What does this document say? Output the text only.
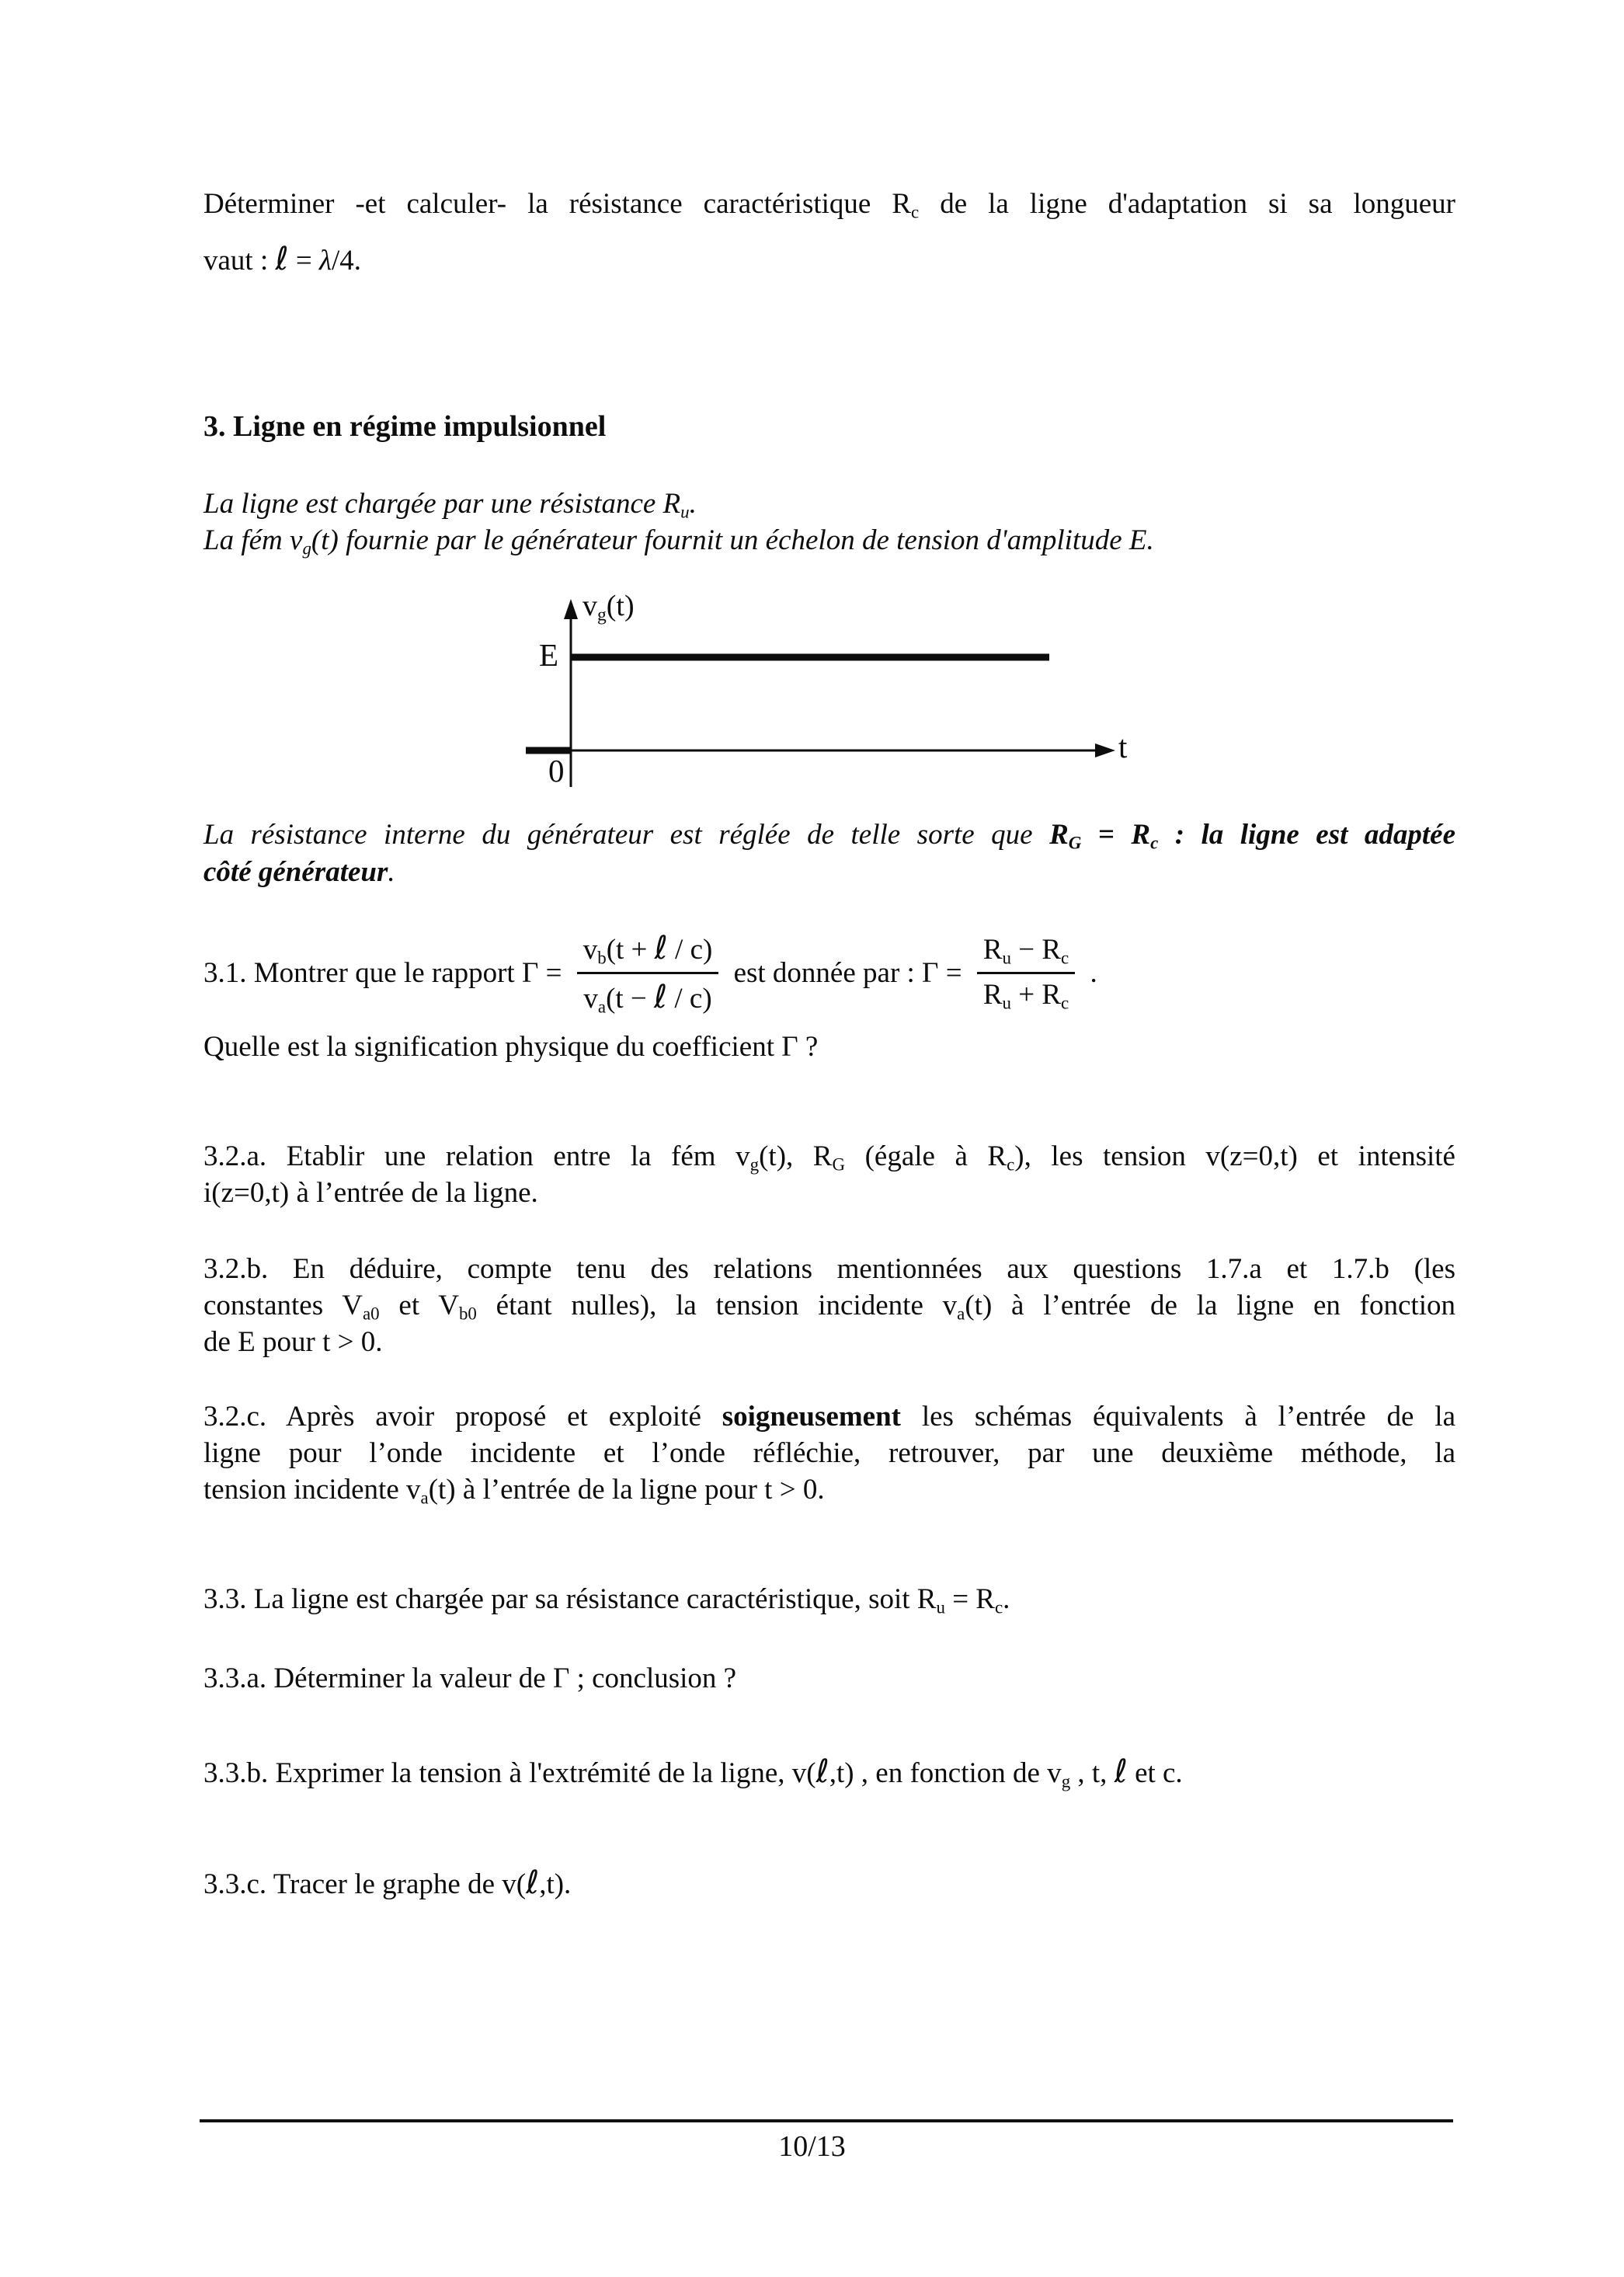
Déterminer -et calculer- la résistance caractéristique Rc de la ligne d'adaptation si sa longueur
vaut : ℓ = λ/4.
3. Ligne en régime impulsionnel
La ligne est chargée par une résistance Ru.
La fém vg(t) fournie par le générateur fournit un échelon de tension d'amplitude E.
vg(t)
E
0
t
La résistance interne du générateur est réglée de telle sorte que RG = Rc : la ligne est adaptée
côté générateur.
3.1. Montrer que le rapport $\Gamma = \frac{\text{vb(t + ℓ / c)}}{\text{va(t − ℓ / c)}}$ est donnée par : $\Gamma = \frac{Ru - Rc}{Ru + Rc}$ .
Quelle est la signification physique du coefficient Γ ?
3.2.a. Etablir une relation entre la fém vg(t), RG (égale à Rc), les tension v(z=0,t) et intensité
i(z=0,t) à l’entrée de la ligne.
3.2.b. En déduire, compte tenu des relations mentionnées aux questions 1.7.a et 1.7.b (les
constantes Va0 et Vb0 étant nulles), la tension incidente va(t) à l’entrée de la ligne en fonction
de E pour t > 0.
3.2.c. Après avoir proposé et exploité soigneusement les schémas équivalents à l’entrée de la
ligne pour l’onde incidente et l’onde réfléchie, retrouver, par une deuxième méthode, la
tension incidente va(t) à l’entrée de la ligne pour t > 0.
3.3. La ligne est chargée par sa résistance caractéristique, soit Ru = Rc.
3.3.a. Déterminer la valeur de Γ ; conclusion ?
3.3.b. Exprimer la tension à l'extrémité de la ligne, v(ℓ,t) , en fonction de vg , t, ℓ et c.
3.3.c. Tracer le graphe de v(ℓ,t).
10/13
